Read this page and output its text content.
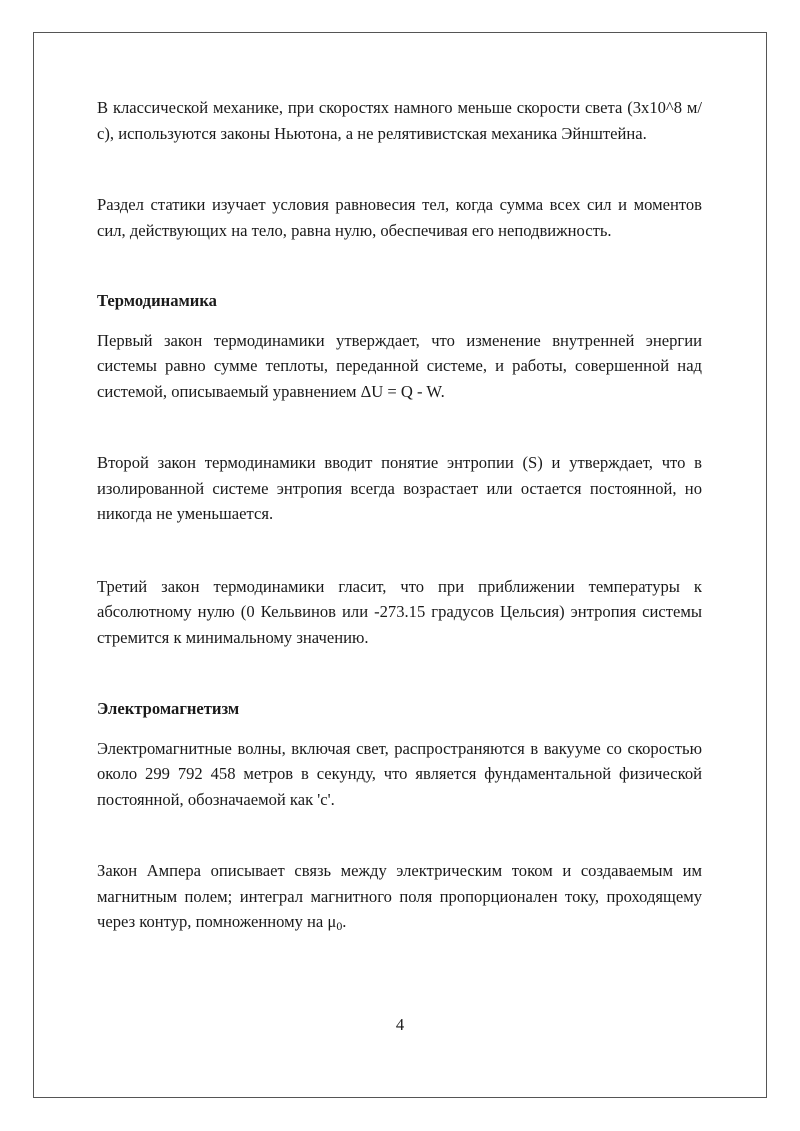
В классической механике, при скоростях намного меньше скорости света (3x10^8 м/с), используются законы Ньютона, а не релятивистская механика Эйнштейна.

Раздел статики изучает условия равновесия тел, когда сумма всех сил и моментов сил, действующих на тело, равна нулю, обеспечивая его неподвижность.

Термодинамика

Первый закон термодинамики утверждает, что изменение внутренней энергии системы равно сумме теплоты, переданной системе, и работы, совершенной над системой, описываемый уравнением ΔU = Q - W.

Второй закон термодинамики вводит понятие энтропии (S) и утверждает, что в изолированной системе энтропия всегда возрастает или остается постоянной, но никогда не уменьшается.

Третий закон термодинамики гласит, что при приближении температуры к абсолютному нулю (0 Кельвинов или -273.15 градусов Цельсия) энтропия системы стремится к минимальному значению.

Электромагнетизм

Электромагнитные волны, включая свет, распространяются в вакууме со скоростью около 299 792 458 метров в секунду, что является фундаментальной физической постоянной, обозначаемой как 'c'.

Закон Ампера описывает связь между электрическим током и создаваемым им магнитным полем; интеграл магнитного поля пропорционален току, проходящему через контур, помноженному на $\mu_0$.

4
